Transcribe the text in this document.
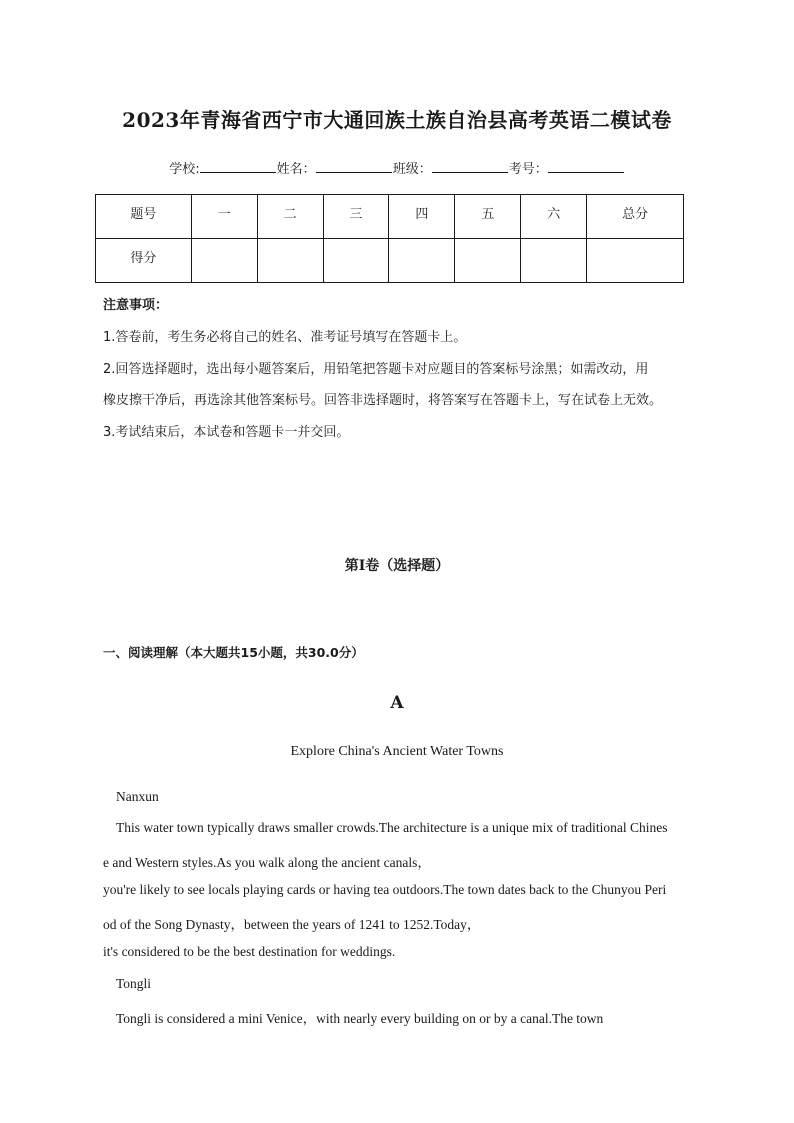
2023年青海省西宁市大通回族土族自治县高考英语二模试卷
学校:	姓名：	班级：	考号：
题号	一	二	三	四	五	六	总分
得分							
注意事项：
1.答卷前，考生务必将自己的姓名、准考证号填写在答题卡上。
2.回答选择题时，选出每小题答案后，用铅笔把答题卡对应题目的答案标号涂黑；如需改动，用
橡皮擦干净后，再选涂其他答案标号。回答非选择题时，将答案写在答题卡上，写在试卷上无效。
3.考试结束后，本试卷和答题卡一并交回。
第Ⅰ卷（选择题）
一、阅读理解（本大题共15小题，共30.0分）
A
Explore China's Ancient Water Towns
Nanxun
This water town typically draws smaller crowds.The architecture is a unique mix of traditional Chines
e and Western styles.As you walk along the ancient canals，
you're likely to see locals playing cards or having tea outdoors.The town dates back to the Chunyou Peri
od of the Song Dynasty，between the years of 1241 to 1252.Today，
it's considered to be the best destination for weddings.
Tongli
Tongli is considered a mini Venice，with nearly every building on or by a canal.The town
